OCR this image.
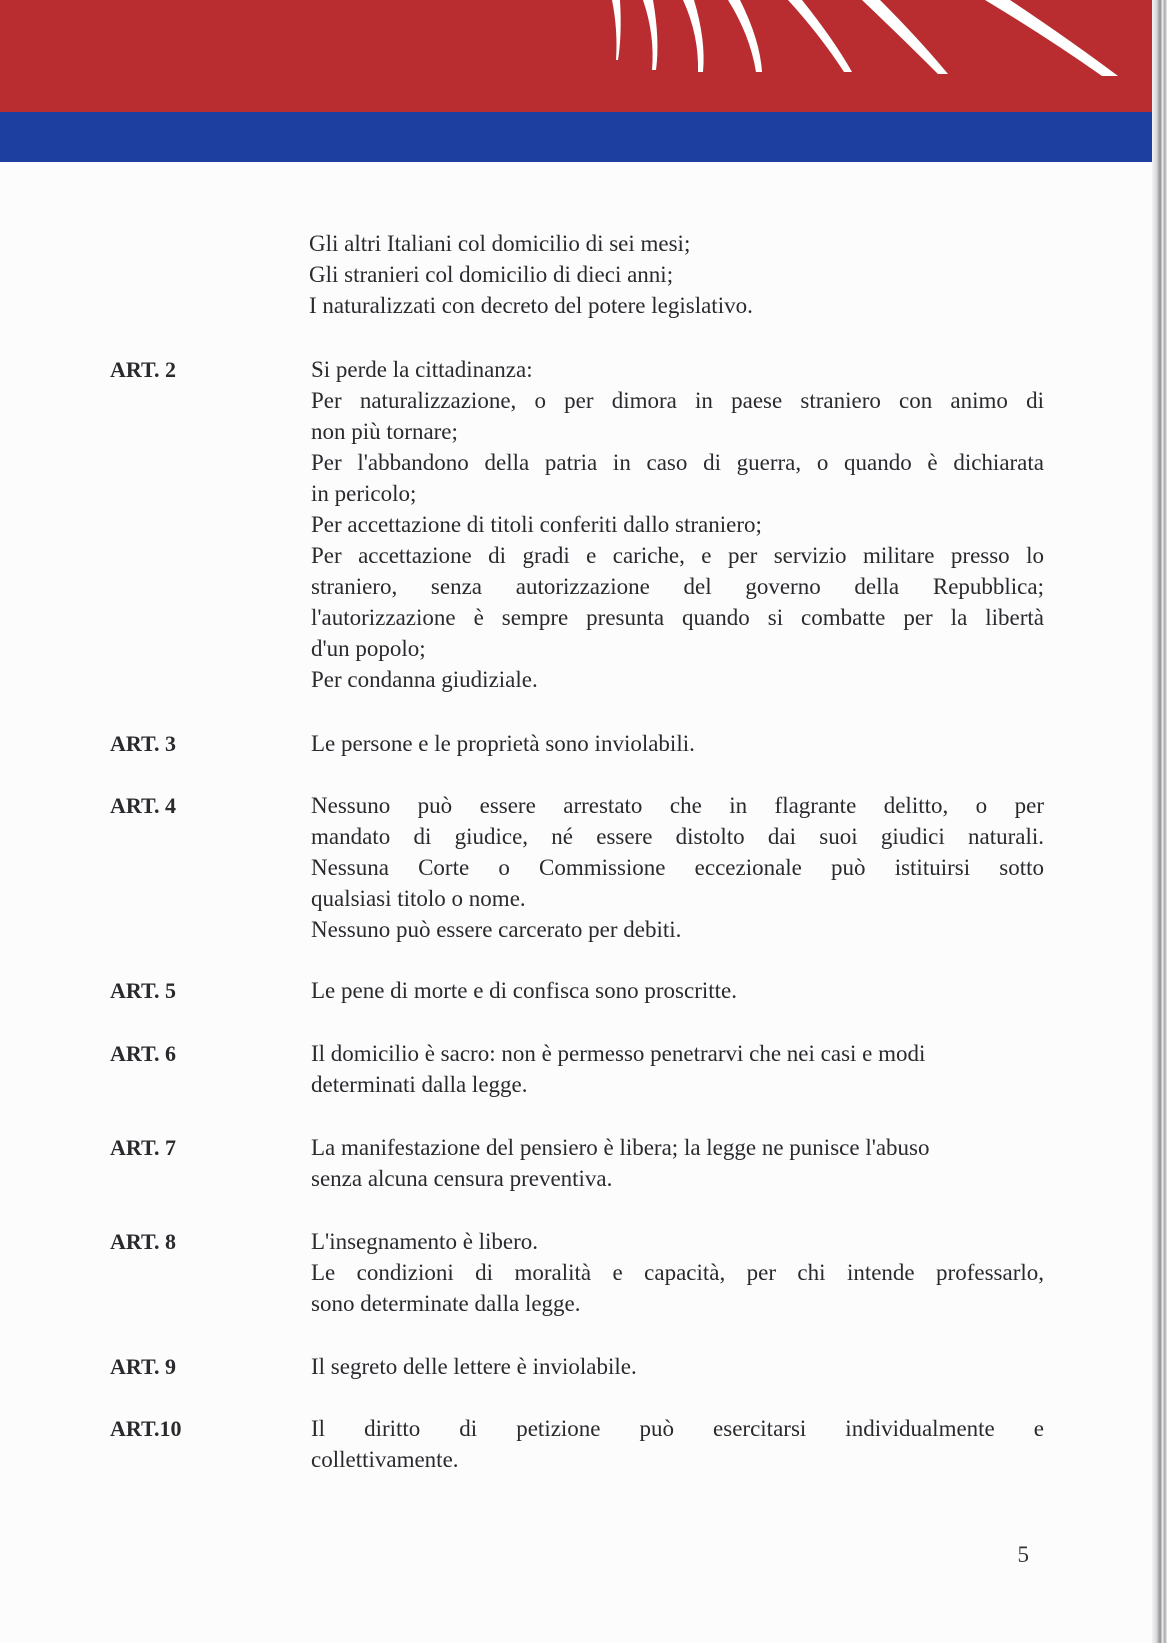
Gli altri Italiani col domicilio di sei mesi;
Gli stranieri col domicilio di dieci anni;
I naturalizzati con decreto del potere legislativo.
ART. 2	Si perde la cittadinanza:
Per naturalizzazione, o per dimora in paese straniero con animo di
non più tornare;
Per l'abbandono della patria in caso di guerra, o quando è dichiarata
in pericolo;
Per accettazione di titoli conferiti dallo straniero;
Per accettazione di gradi e cariche, e per servizio militare presso lo
straniero, senza autorizzazione del governo della Repubblica;
l'autorizzazione è sempre presunta quando si combatte per la libertà
d'un popolo;
Per condanna giudiziale.
ART. 3	Le persone e le proprietà sono inviolabili.
ART. 4	Nessuno può essere arrestato che in flagrante delitto, o per
mandato di giudice, né essere distolto dai suoi giudici naturali.
Nessuna Corte o Commissione eccezionale può istituirsi sotto
qualsiasi titolo o nome.
Nessuno può essere carcerato per debiti.
ART. 5	Le pene di morte e di confisca sono proscritte.
ART. 6	Il domicilio è sacro: non è permesso penetrarvi che nei casi e modi
determinati dalla legge.
ART. 7	La manifestazione del pensiero è libera; la legge ne punisce l'abuso
senza alcuna censura preventiva.
ART. 8	L'insegnamento è libero.
Le condizioni di moralità e capacità, per chi intende professarlo,
sono determinate dalla legge.
ART. 9	Il segreto delle lettere è inviolabile.
ART.10	Il diritto di petizione può esercitarsi individualmente e
collettivamente.
5
